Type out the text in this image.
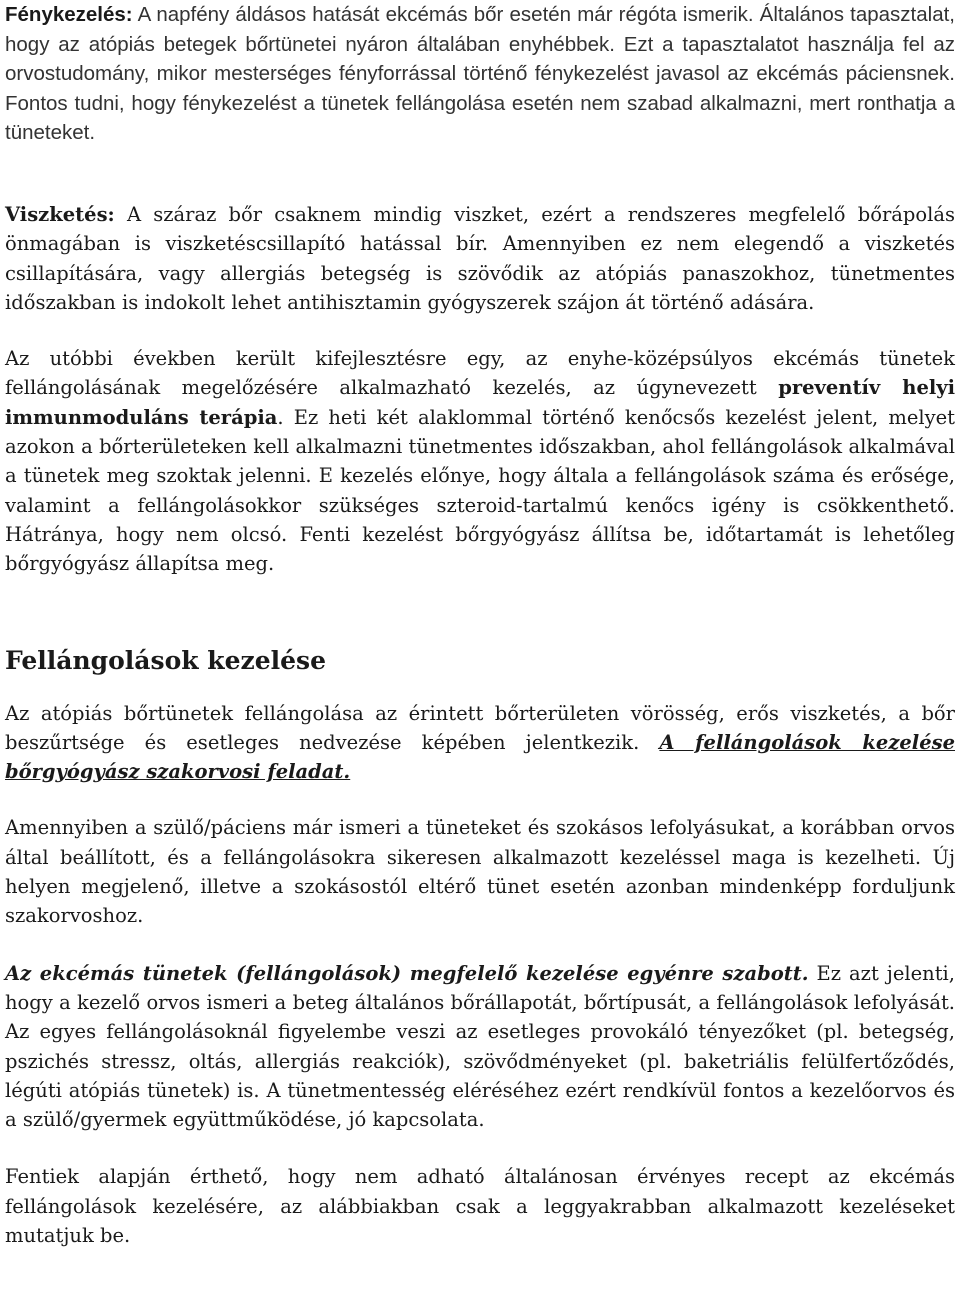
Fénykezelés: A napfény áldásos hatását ekcémás bőr esetén már régóta ismerik. Általános tapasztalat, hogy az atópiás betegek bőrtünetei nyáron általában enyhébbek. Ezt a tapasztalatot használja fel az orvostudomány, mikor mesterséges fényforrással történő fénykezelést javasol az ekcémás páciensnek. Fontos tudni, hogy fénykezelést a tünetek fellángolása esetén nem szabad alkalmazni, mert ronthatja a tüneteket.

Viszketés: A száraz bőr csaknem mindig viszket, ezért a rendszeres megfelelő bőrápolás önmagában is viszketéscsillapító hatással bír. Amennyiben ez nem elegendő a viszketés csillapítására, vagy allergiás betegség is szövődik az atópiás panaszokhoz, tünetmentes időszakban is indokolt lehet antihisztamin gyógyszerek szájon át történő adására.

Az utóbbi években került kifejlesztésre egy, az enyhe-középsúlyos ekcémás tünetek fellángolásának megelőzésére alkalmazható kezelés, az úgynevezett preventív helyi immunmoduláns terápia. Ez heti két alaklommal történő kenőcsős kezelést jelent, melyet azokon a bőrterületeken kell alkalmazni tünetmentes időszakban, ahol fellángolások alkalmával a tünetek meg szoktak jelenni. E kezelés előnye, hogy általa a fellángolások száma és erősége, valamint a fellángolásokkor szükséges szteroid-tartalmú kenőcs igény is csökkenthető. Hátránya, hogy nem olcsó. Fenti kezelést bőrgyógyász állítsa be, időtartamát is lehetőleg bőrgyógyász állapítsa meg.

Fellángolások kezelése

Az atópiás bőrtünetek fellángolása az érintett bőrterületen vörösség, erős viszketés, a bőr beszűrtsége és esetleges nedvezése képében jelentkezik. A fellángolások kezelése bőrgyógyász szakorvosi feladat.

Amennyiben a szülő/páciens már ismeri a tüneteket és szokásos lefolyásukat, a korábban orvos által beállított, és a fellángolásokra sikeresen alkalmazott kezeléssel maga is kezelheti. Új helyen megjelenő, illetve a szokásostól eltérő tünet esetén azonban mindenképp forduljunk szakorvoshoz.

Az ekcémás tünetek (fellángolások) megfelelő kezelése egyénre szabott. Ez azt jelenti, hogy a kezelő orvos ismeri a beteg általános bőrállapotát, bőrtípusát, a fellángolások lefolyását. Az egyes fellángolásoknál figyelembe veszi az esetleges provokáló tényezőket (pl. betegség, pszichés stressz, oltás, allergiás reakciók), szövődményeket (pl. baketriális felülfertőződés, légúti atópiás tünetek) is. A tünetmentesség eléréséhez ezért rendkívül fontos a kezelőorvos és a szülő/gyermek együttműködése, jó kapcsolata.

Fentiek alapján érthető, hogy nem adható általánosan érvényes recept az ekcémás fellángolások kezelésére, az alábbiakban csak a leggyakrabban alkalmazott kezeléseket mutatjuk be.
